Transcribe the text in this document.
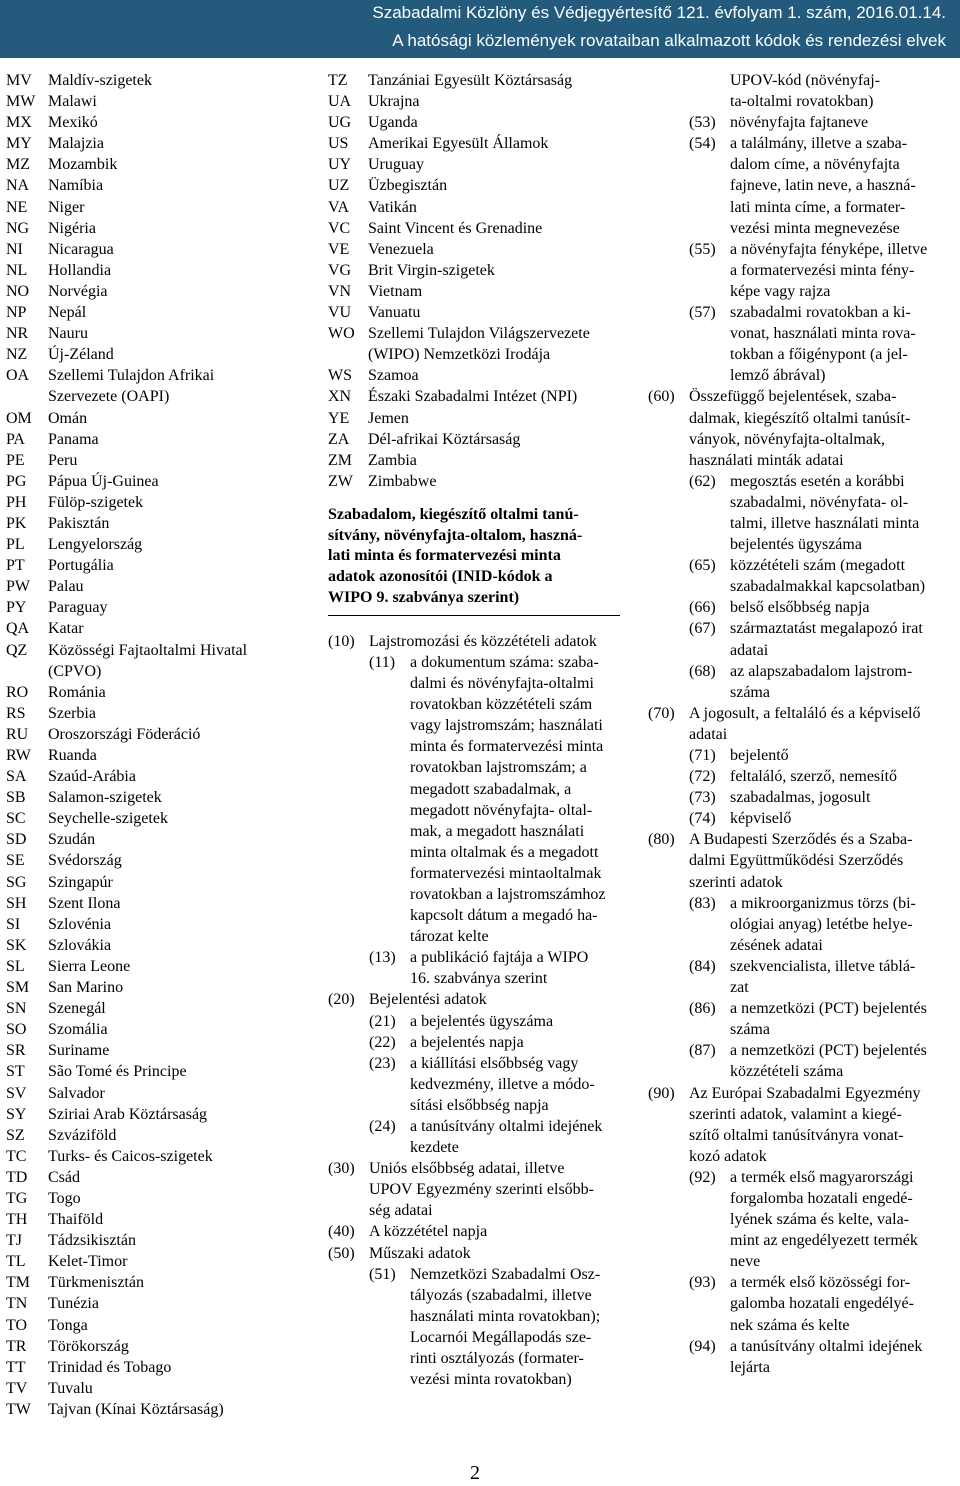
Szabadalmi Közlöny és Védjegyértesítő 121. évfolyam 1. szám, 2016.01.14.
A hatósági közlemények rovataiban alkalmazott kódok és rendezési elvek
MV Maldív-szigetek
MW Malawi
MX Mexikó
MY Malajzia
MZ Mozambik
NA Namíbia
NE Niger
NG Nigéria
NI Nicaragua
NL Hollandia
NO Norvégia
NP Nepál
NR Nauru
NZ Új-Zéland
OA Szellemi Tulajdon Afrikai
Szervezete (OAPI)
OM Omán
PA Panama
PE Peru
PG Pápua Új-Guinea
PH Fülöp-szigetek
PK Pakisztán
PL Lengyelország
PT Portugália
PW Palau
PY Paraguay
QA Katar
QZ Közösségi Fajtaoltalmi Hivatal
(CPVO)
RO Románia
RS Szerbia
RU Oroszországi Föderáció
RW Ruanda
SA Szaúd-Arábia
SB Salamon-szigetek
SC Seychelle-szigetek
SD Szudán
SE Svédország
SG Szingapúr
SH Szent Ilona
SI Szlovénia
SK Szlovákia
SL Sierra Leone
SM San Marino
SN Szenegál
SO Szomália
SR Suriname
ST São Tomé és Principe
SV Salvador
SY Sziriai Arab Köztársaság
SZ Szváziföld
TC Turks- és Caicos-szigetek
TD Csád
TG Togo
TH Thaiföld
TJ Tádzsikisztán
TL Kelet-Timor
TM Türkmenisztán
TN Tunézia
TO Tonga
TR Törökország
TT Trinidad és Tobago
TV Tuvalu
TW Tajvan (Kínai Köztársaság)
TZ Tanzániai Egyesült Köztársaság
UA Ukrajna
UG Uganda
US Amerikai Egyesült Államok
UY Uruguay
UZ Üzbegisztán
VA Vatikán
VC Saint Vincent és Grenadine
VE Venezuela
VG Brit Virgin-szigetek
VN Vietnam
VU Vanuatu
WO Szellemi Tulajdon Világszervezete
(WIPO) Nemzetközi Irodája
WS Szamoa
XN Északi Szabadalmi Intézet (NPI)
YE Jemen
ZA Dél-afrikai Köztársaság
ZM Zambia
ZW Zimbabwe
Szabadalom, kiegészítő oltalmi tanú-
sítvány, növényfajta-oltalom, haszná-
lati minta és formatervezési minta
adatok azonosítói (INID-kódok a
WIPO 9. szabványa szerint)
(10) Lajstromozási és közzétételi adatok
(11) a dokumentum száma: szaba-
dalmi és növényfajta-oltalmi
rovatokban közzétételi szám
vagy lajstromszám; használati
minta és formatervezési minta
rovatokban lajstromszám; a
megadott szabadalmak, a
megadott növényfajta- oltal-
mak, a megadott használati
minta oltalmak és a megadott
formatervezési mintaoltalmak
rovatokban a lajstromszámhoz
kapcsolt dátum a megadó ha-
tározat kelte
(13) a publikáció fajtája a WIPO
16. szabványa szerint
(20) Bejelentési adatok
(21) a bejelentés ügyszáma
(22) a bejelentés napja
(23) a kiállítási elsőbbség vagy
kedvezmény, illetve a módo-
sítási elsőbbség napja
(24) a tanúsítvány oltalmi idejének
kezdete
(30) Uniós elsőbbség adatai, illetve
UPOV Egyezmény szerinti elsőbb-
ség adatai
(40) A közzététel napja
(50) Műszaki adatok
(51) Nemzetközi Szabadalmi Osz-
tályozás (szabadalmi, illetve
használati minta rovatokban);
Locarnói Megállapodás sze-
rinti osztályozás (formater-
vezési minta rovatokban)
UPOV-kód (növényfaj-
ta-oltalmi rovatokban)
(53) növényfajta fajtaneve
(54) a találmány, illetve a szaba-
dalom címe, a növényfajta
fajneve, latin neve, a haszná-
lati minta címe, a formater-
vezési minta megnevezése
(55) a növényfajta fényképe, illetve
a formatervezési minta fény-
képe vagy rajza
(57) szabadalmi rovatokban a ki-
vonat, használati minta rova-
tokban a főigénypont (a jel-
lemző ábrával)
(60) Összefüggő bejelentések, szaba-
dalmak, kiegészítő oltalmi tanúsít-
ványok, növényfajta-oltalmak,
használati minták adatai
(62) megosztás esetén a korábbi
szabadalmi, növényfata- ol-
talmi, illetve használati minta
bejelentés ügyszáma
(65) közzétételi szám (megadott
szabadalmakkal kapcsolatban)
(66) belső elsőbbség napja
(67) származtatást megalapozó irat
adatai
(68) az alapszabadalom lajstrom-
száma
(70) A jogosult, a feltaláló és a képviselő
adatai
(71) bejelentő
(72) feltaláló, szerző, nemesítő
(73) szabadalmas, jogosult
(74) képviselő
(80) A Budapesti Szerződés és a Szaba-
dalmi Együttműködési Szerződés
szerinti adatok
(83) a mikroorganizmus törzs (bi-
ológiai anyag) letétbe helye-
zésének adatai
(84) szekvencialista, illetve táblá-
zat
(86) a nemzetközi (PCT) bejelentés
száma
(87) a nemzetközi (PCT) bejelentés
közzétételi száma
(90) Az Európai Szabadalmi Egyezmény
szerinti adatok, valamint a kiegé-
szítő oltalmi tanúsítványra vonat-
kozó adatok
(92) a termék első magyarországi
forgalomba hozatali engedé-
lyének száma és kelte, vala-
mint az engedélyezett termék
neve
(93) a termék első közösségi for-
galomba hozatali engedélyé-
nek száma és kelte
(94) a tanúsítvány oltalmi idejének
lejárta
2
